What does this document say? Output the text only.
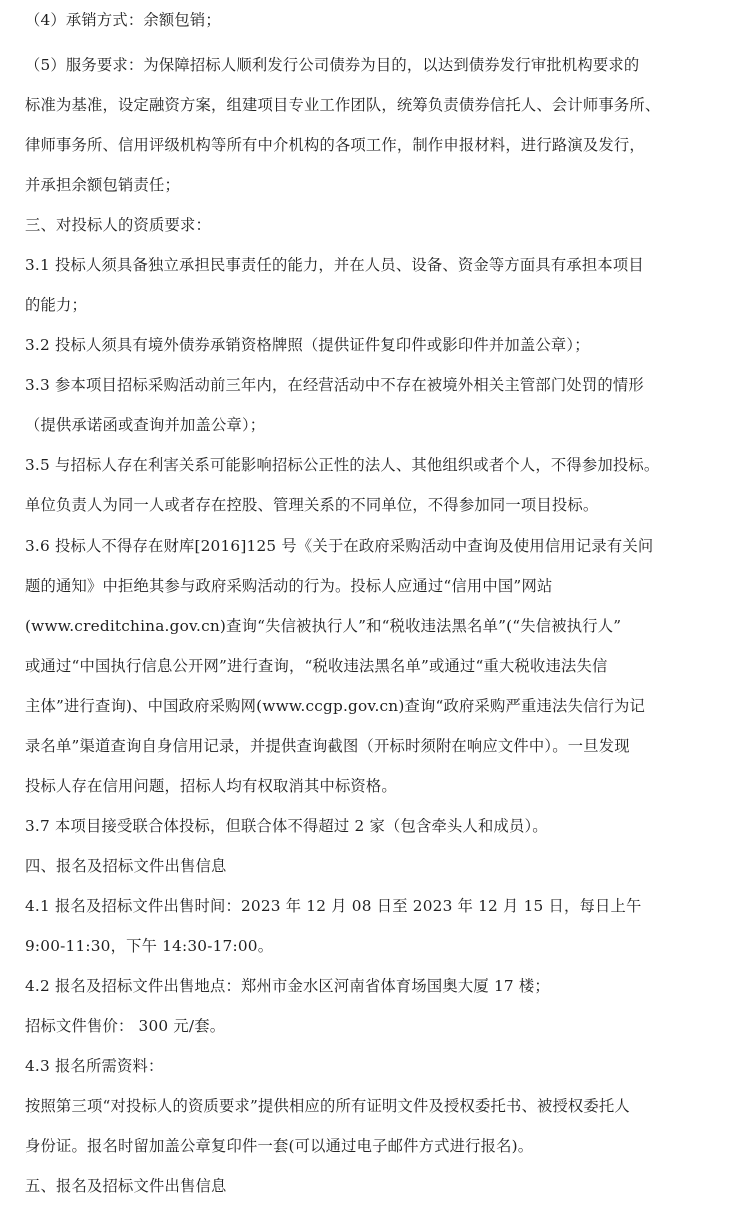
（4）承销方式：余额包销；
（5）服务要求：为保障招标人顺利发行公司债券为目的，以达到债券发行审批机构要求的
标准为基准，设定融资方案，组建项目专业工作团队，统筹负责债券信托人、会计师事务所、
律师事务所、信用评级机构等所有中介机构的各项工作，制作申报材料，进行路演及发行，
并承担余额包销责任；
三、对投标人的资质要求：
3.1 投标人须具备独立承担民事责任的能力，并在人员、设备、资金等方面具有承担本项目
的能力；
3.2 投标人须具有境外债券承销资格牌照（提供证件复印件或影印件并加盖公章）；
3.3 参本项目招标采购活动前三年内，在经营活动中不存在被境外相关主管部门处罚的情形
（提供承诺函或查询并加盖公章）；
3.5 与招标人存在利害关系可能影响招标公正性的法人、其他组织或者个人，不得参加投标。
单位负责人为同一人或者存在控股、管理关系的不同单位，不得参加同一项目投标。
3.6 投标人不得存在财库[2016]125 号《关于在政府采购活动中查询及使用信用记录有关问
题的通知》中拒绝其参与政府采购活动的行为。投标人应通过“信用中国”网站
(www.creditchina.gov.cn)查询“失信被执行人”和“税收违法黑名单”(“失信被执行人”
或通过“中国执行信息公开网”进行查询，“税收违法黑名单”或通过“重大税收违法失信
主体”进行查询)、中国政府采购网(www.ccgp.gov.cn)查询“政府采购严重违法失信行为记
录名单”渠道查询自身信用记录，并提供查询截图（开标时须附在响应文件中）。一旦发现
投标人存在信用问题，招标人均有权取消其中标资格。
3.7 本项目接受联合体投标，但联合体不得超过 2 家（包含牵头人和成员）。
四、报名及招标文件出售信息
4.1 报名及招标文件出售时间：2023 年 12 月 08 日至 2023 年 12 月 15 日，每日上午
9:00-11:30，下午 14:30-17:00。
4.2 报名及招标文件出售地点：郑州市金水区河南省体育场国奥大厦 17 楼；
招标文件售价： 300 元/套。
4.3 报名所需资料：
按照第三项“对投标人的资质要求”提供相应的所有证明文件及授权委托书、被授权委托人
身份证。报名时留加盖公章复印件一套(可以通过电子邮件方式进行报名)。
五、报名及招标文件出售信息
